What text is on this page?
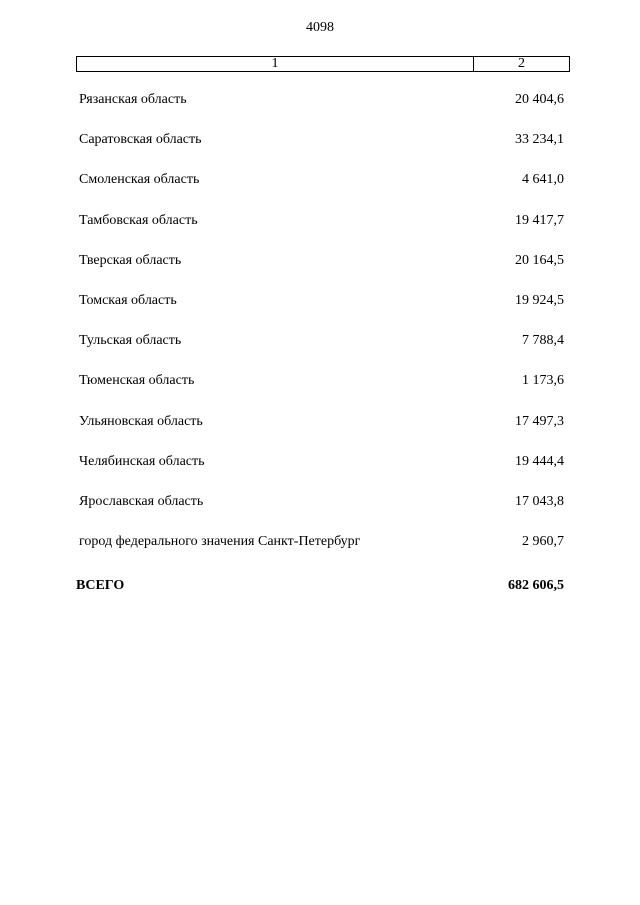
4098
1	2
Рязанская область	20 404,6
Саратовская область	33 234,1
Смоленская область	4 641,0
Тамбовская область	19 417,7
Тверская область	20 164,5
Томская область	19 924,5
Тульская область	7 788,4
Тюменская область	1 173,6
Ульяновская область	17 497,3
Челябинская область	19 444,4
Ярославская область	17 043,8
город федерального значения Санкт-Петербург	2 960,7
ВСЕГО	682 606,5
